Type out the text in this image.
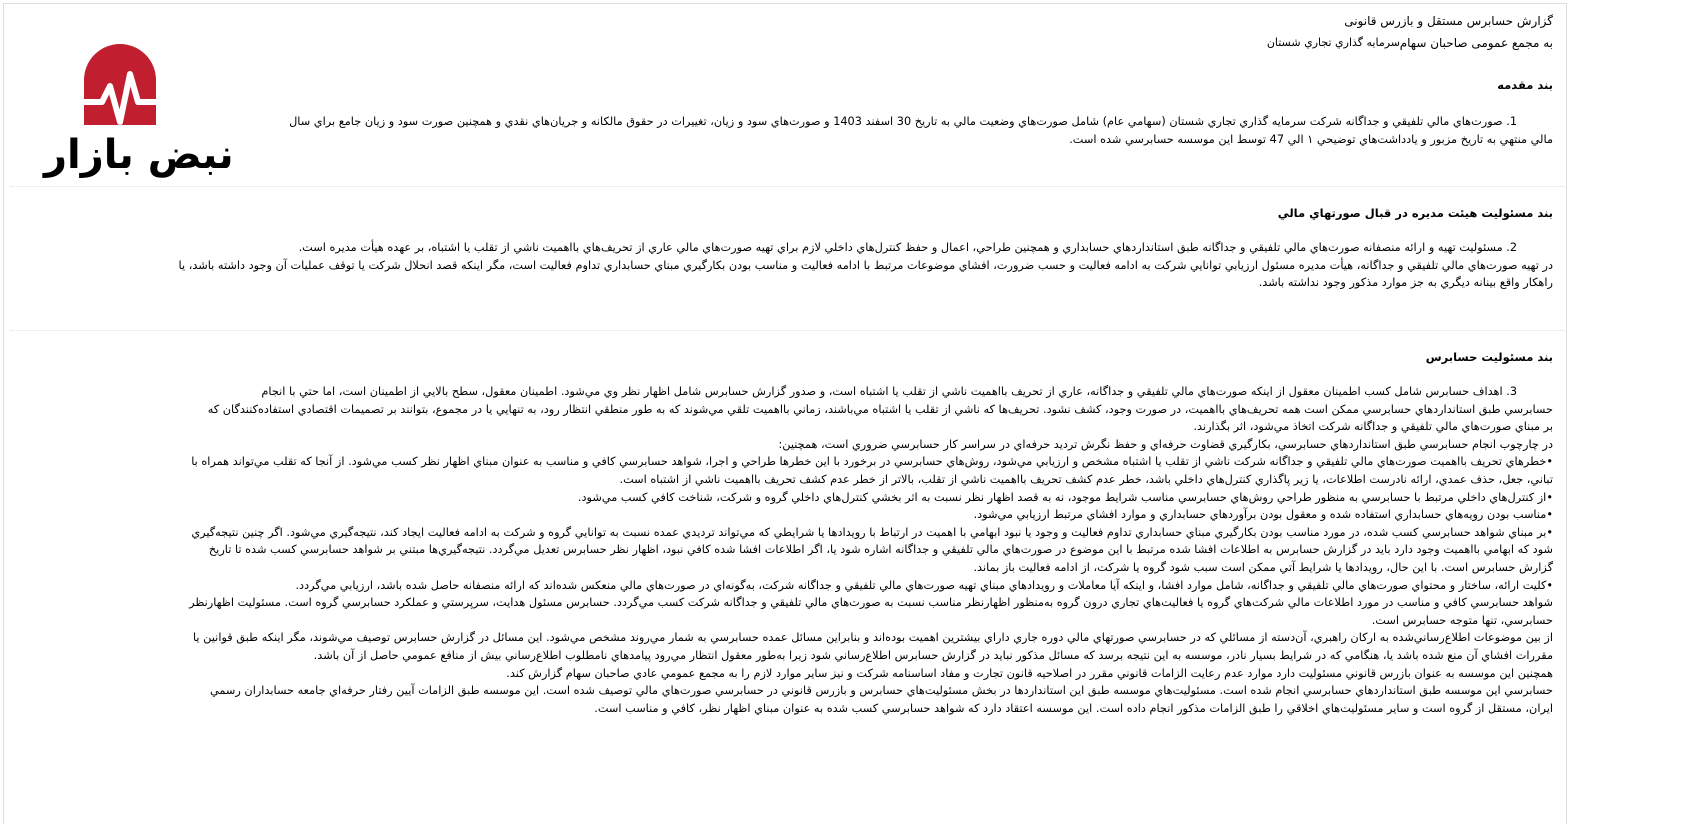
گزارش حسابرس مستقل و بازرس قانونی
به مجمع عمومی صاحبان سهام
سرمايه گذاري تجاري شستان
بند مقدمه
1. صورت‌هاي مالي تلفيقي و جداگانه شرکت سرمايه گذاري تجاري شستان (سهامي عام) شامل صورت‌هاي وضعيت مالي به تاريخ 30 اسفند 1403 و صورت‌هاي سود و زيان، تغييرات در حقوق مالکانه و جريان‌هاي نقدي و همچنين صورت سود و زيان جامع براي سال
مالي منتهي به تاريخ مزبور و يادداشت‌هاي توضيحي ۱ الي 47 توسط اين موسسه حسابرسي شده است.
بند مسئوليت هيئت مديره در قبال صورتهاي مالي
2. مسئوليت تهيه و ارائه منصفانه صورت‌هاي مالي تلفيقي و جداگانه طبق استانداردهاي حسابداري و همچنين طراحي، اعمال و حفظ کنترل‌هاي داخلي لازم براي تهيه صورت‌هاي مالي عاري از تحريف‌هاي بااهميت ناشي از تقلب يا اشتباه، بر عهده هيأت مديره است.
در تهيه صورت‌هاي مالي تلفيقي و جداگانه، هيأت مديره مسئول ارزيابي توانايي شرکت به ادامه فعاليت و حسب ضرورت، افشاي موضوعات مرتبط با ادامه فعاليت و مناسب بودن بکارگيري مبناي حسابداري تداوم فعاليت است، مگر اينکه قصد انحلال شرکت يا توقف عمليات آن وجود داشته باشد، يا
راهکار واقع بينانه ديگري به جز موارد مذکور وجود نداشته باشد.
بند مسئوليت حسابرس
3. اهداف حسابرس شامل کسب اطمينان معقول از اينکه صورت‌هاي مالي تلفيقي و جداگانه، عاري از تحريف بااهميت ناشي از تقلب يا اشتباه است، و صدور گزارش حسابرس شامل اظهار نظر وي مي‌شود. اطمينان معقول، سطح بالايي از اطمينان است، اما حتي با انجام
حسابرسي طبق استانداردهاي حسابرسي ممکن است همه تحريف‌هاي بااهميت، در صورت وجود، کشف نشود. تحريف‌ها که ناشي از تقلب يا اشتباه مي‌باشند، زماني بااهميت تلقي مي‌شوند که به طور منطقي انتظار رود، به تنهايي يا در مجموع، بتوانند بر تصميمات اقتصادي استفاده‌کنندگان که
بر مبناي صورت‌هاي مالي تلفيقي و جداگانه شرکت اتخاذ مي‌شود، اثر بگذارند.
در چارچوب انجام حسابرسي طبق استانداردهاي حسابرسي، بکارگيري قضاوت حرفه‌اي و حفظ نگرش ترديد حرفه‌اي در سراسر کار حسابرسي ضروري است، همچنين:
•خطرهاي تحريف بااهميت صورت‌هاي مالي تلفيقي و جداگانه شرکت ناشي از تقلب يا اشتباه مشخص و ارزيابي مي‌شود، روش‌هاي حسابرسي در برخورد با اين خطرها طراحي و اجرا، شواهد حسابرسي کافي و مناسب به عنوان مبناي اظهار نظر کسب مي‌شود. از آنجا که تقلب مي‌تواند همراه با
تباني، جعل، حذف عمدي، ارائه نادرست اطلاعات، يا زير پاگذاري کنترل‌هاي داخلي باشد، خطر عدم کشف تحريف بااهميت ناشي از تقلب، بالاتر از خطر عدم کشف تحريف بااهميت ناشي از اشتباه است.
•از کنترل‌هاي داخلي مرتبط با حسابرسي به منظور طراحي روش‌هاي حسابرسي مناسب شرايط موجود، نه به قصد اظهار نظر نسبت به اثر بخشي کنترل‌هاي داخلي گروه و شرکت، شناخت کافي کسب مي‌شود.
•مناسب بودن رويه‌هاي حسابداري استفاده شده و معقول بودن برآوردهاي حسابداري و موارد افشاي مرتبط ارزيابي مي‌شود.
•بر مبناي شواهد حسابرسي کسب شده، در مورد مناسب بودن بکارگيري مبناي حسابداري تداوم فعاليت و وجود يا نبود ابهامي با اهميت در ارتباط با رويدادها يا شرايطي که مي‌تواند ترديدي عمده نسبت به توانايي گروه و شرکت به ادامه فعاليت ايجاد کند، نتيجه‌گيري مي‌شود. اگر چنين نتيجه‌گيري
شود که ابهامي بااهميت وجود دارد بايد در گزارش حسابرس به اطلاعات افشا شده مرتبط با اين موضوع در صورت‌هاي مالي تلفيقي و جداگانه اشاره شود يا، اگر اطلاعات افشا شده کافي نبود، اظهار نظر حسابرس تعديل مي‌گردد. نتيجه‌گيري‌ها مبتني بر شواهد حسابرسي کسب شده تا تاريخ
گزارش حسابرس است. با اين حال، رويدادها يا شرايط آتي ممکن است سبب شود گروه يا شرکت، از ادامه فعاليت باز بماند.
•کليت ارائه، ساختار و محتواي صورت‌هاي مالي تلفيقي و جداگانه، شامل موارد افشا، و اينکه آيا معاملات و رويدادهاي مبناي تهيه صورت‌هاي مالي تلفيقي و جداگانه شرکت، به‌گونه‌اي در صورت‌هاي مالي منعکس شده‌اند که ارائه منصفانه حاصل شده باشد، ارزيابي مي‌گردد.
شواهد حسابرسي کافي و مناسب در مورد اطلاعات مالي شرکت‌هاي گروه يا فعاليت‌هاي تجاري درون گروه به‌منظور اظهارنظر مناسب نسبت به صورت‌هاي مالي تلفيقي و جداگانه شرکت کسب مي‌گردد. حسابرس مسئول هدايت، سرپرستي و عملکرد حسابرسي گروه است. مسئوليت اظهارنظر
حسابرسي، تنها متوجه حسابرس است.
از بين موضوعات اطلاع‌رساني‌شده به ارکان راهبري، آن‌دسته از مسائلي که در حسابرسي صورتهاي مالي دوره جاري داراي بيشترين اهميت بوده‌اند و بنابراين مسائل عمده حسابرسي به شمار مي‌روند مشخص مي‌شود. اين مسائل در گزارش حسابرس توصيف مي‌شوند، مگر اينکه طبق قوانين يا
مقررات افشاي آن منع شده باشد يا، هنگامي که در شرايط بسيار نادر، موسسه به اين نتيجه برسد که مسائل مذکور نبايد در گزارش حسابرس اطلاع‌رساني شود زيرا به‌طور معقول انتظار مي‌رود پيامدهاي نامطلوب اطلاع‌رساني بيش از منافع عمومي حاصل از آن باشد.
همچنين اين موسسه به عنوان بازرس قانوني مسئوليت دارد موارد عدم رعايت الزامات قانوني مقرر در اصلاحيه قانون تجارت و مفاد اساسنامه شرکت و نيز ساير موارد لازم را به مجمع عمومي عادي صاحبان سهام گزارش کند.
حسابرسي اين موسسه طبق استانداردهاي حسابرسي انجام شده است. مسئوليت‌هاي موسسه طبق اين استانداردها در بخش مسئوليت‌هاي حسابرس و بازرس قانوني در حسابرسي صورت‌هاي مالي توصيف شده است. اين موسسه طبق الزامات آيين رفتار حرفه‌اي جامعه حسابداران رسمي
ايران، مستقل از گروه است و ساير مسئوليت‌هاي اخلاقي را طبق الزامات مذکور انجام داده است. اين موسسه اعتقاد دارد که شواهد حسابرسي کسب شده به عنوان مبناي اظهار نظر، کافي و مناسب است.
نبض بازار
